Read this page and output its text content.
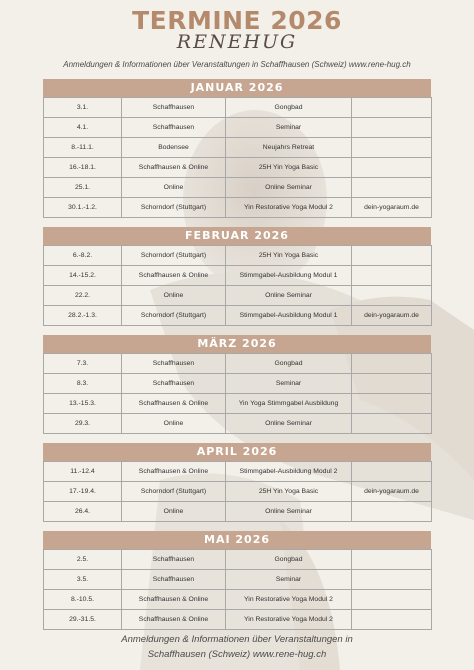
TERMINE 2026
RENEHUG
Anmeldungen & Informationen über Veranstaltungen in Schaffhausen (Schweiz) www.rene-hug.ch
JANUAR 2026
3.1.	Schaffhausen	Gongbad	
4.1.	Schaffhausen	Seminar	
8.-11.1.	Bodensee	Neujahrs Retreat	
16.-18.1.	Schaffhausen & Online	25H Yin Yoga Basic	
25.1.	Online	Online Seminar	
30.1.-1.2.	Schorndorf (Stuttgart)	Yin Restorative Yoga Modul 2	dein-yogaraum.de
FEBRUAR 2026
6.-8.2.	Schorndorf (Stuttgart)	25H Yin Yoga Basic	
14.-15.2.	Schaffhausen & Online	Stimmgabel-Ausbildung Modul 1	
22.2.	Online	Online Seminar	
28.2.-1.3.	Schorndorf (Stuttgart)	Stimmgabel-Ausbildung Modul 1	dein-yogaraum.de
MÄRZ 2026
7.3.	Schaffhausen	Gongbad	
8.3.	Schaffhausen	Seminar	
13.-15.3.	Schaffhausen & Online	Yin Yoga Stimmgabel Ausbildung	
29.3.	Online	Online Seminar	
APRIL 2026
11.-12.4	Schaffhausen & Online	Stimmgabel-Ausbildung Modul 2	
17.-19.4.	Schorndorf (Stuttgart)	25H Yin Yoga Basic	dein-yogaraum.de
26.4.	Online	Online Seminar	
MAI 2026
2.5.	Schaffhausen	Gongbad	
3.5.	Schaffhausen	Seminar	
8.-10.5.	Schaffhausen & Online	Yin Restorative Yoga Modul 2	
29.-31.5.	Schaffhausen & Online	Yin Restorative Yoga Modul 2	
Anmeldungen & Informationen über Veranstaltungen in
Schaffhausen (Schweiz) www.rene-hug.ch
